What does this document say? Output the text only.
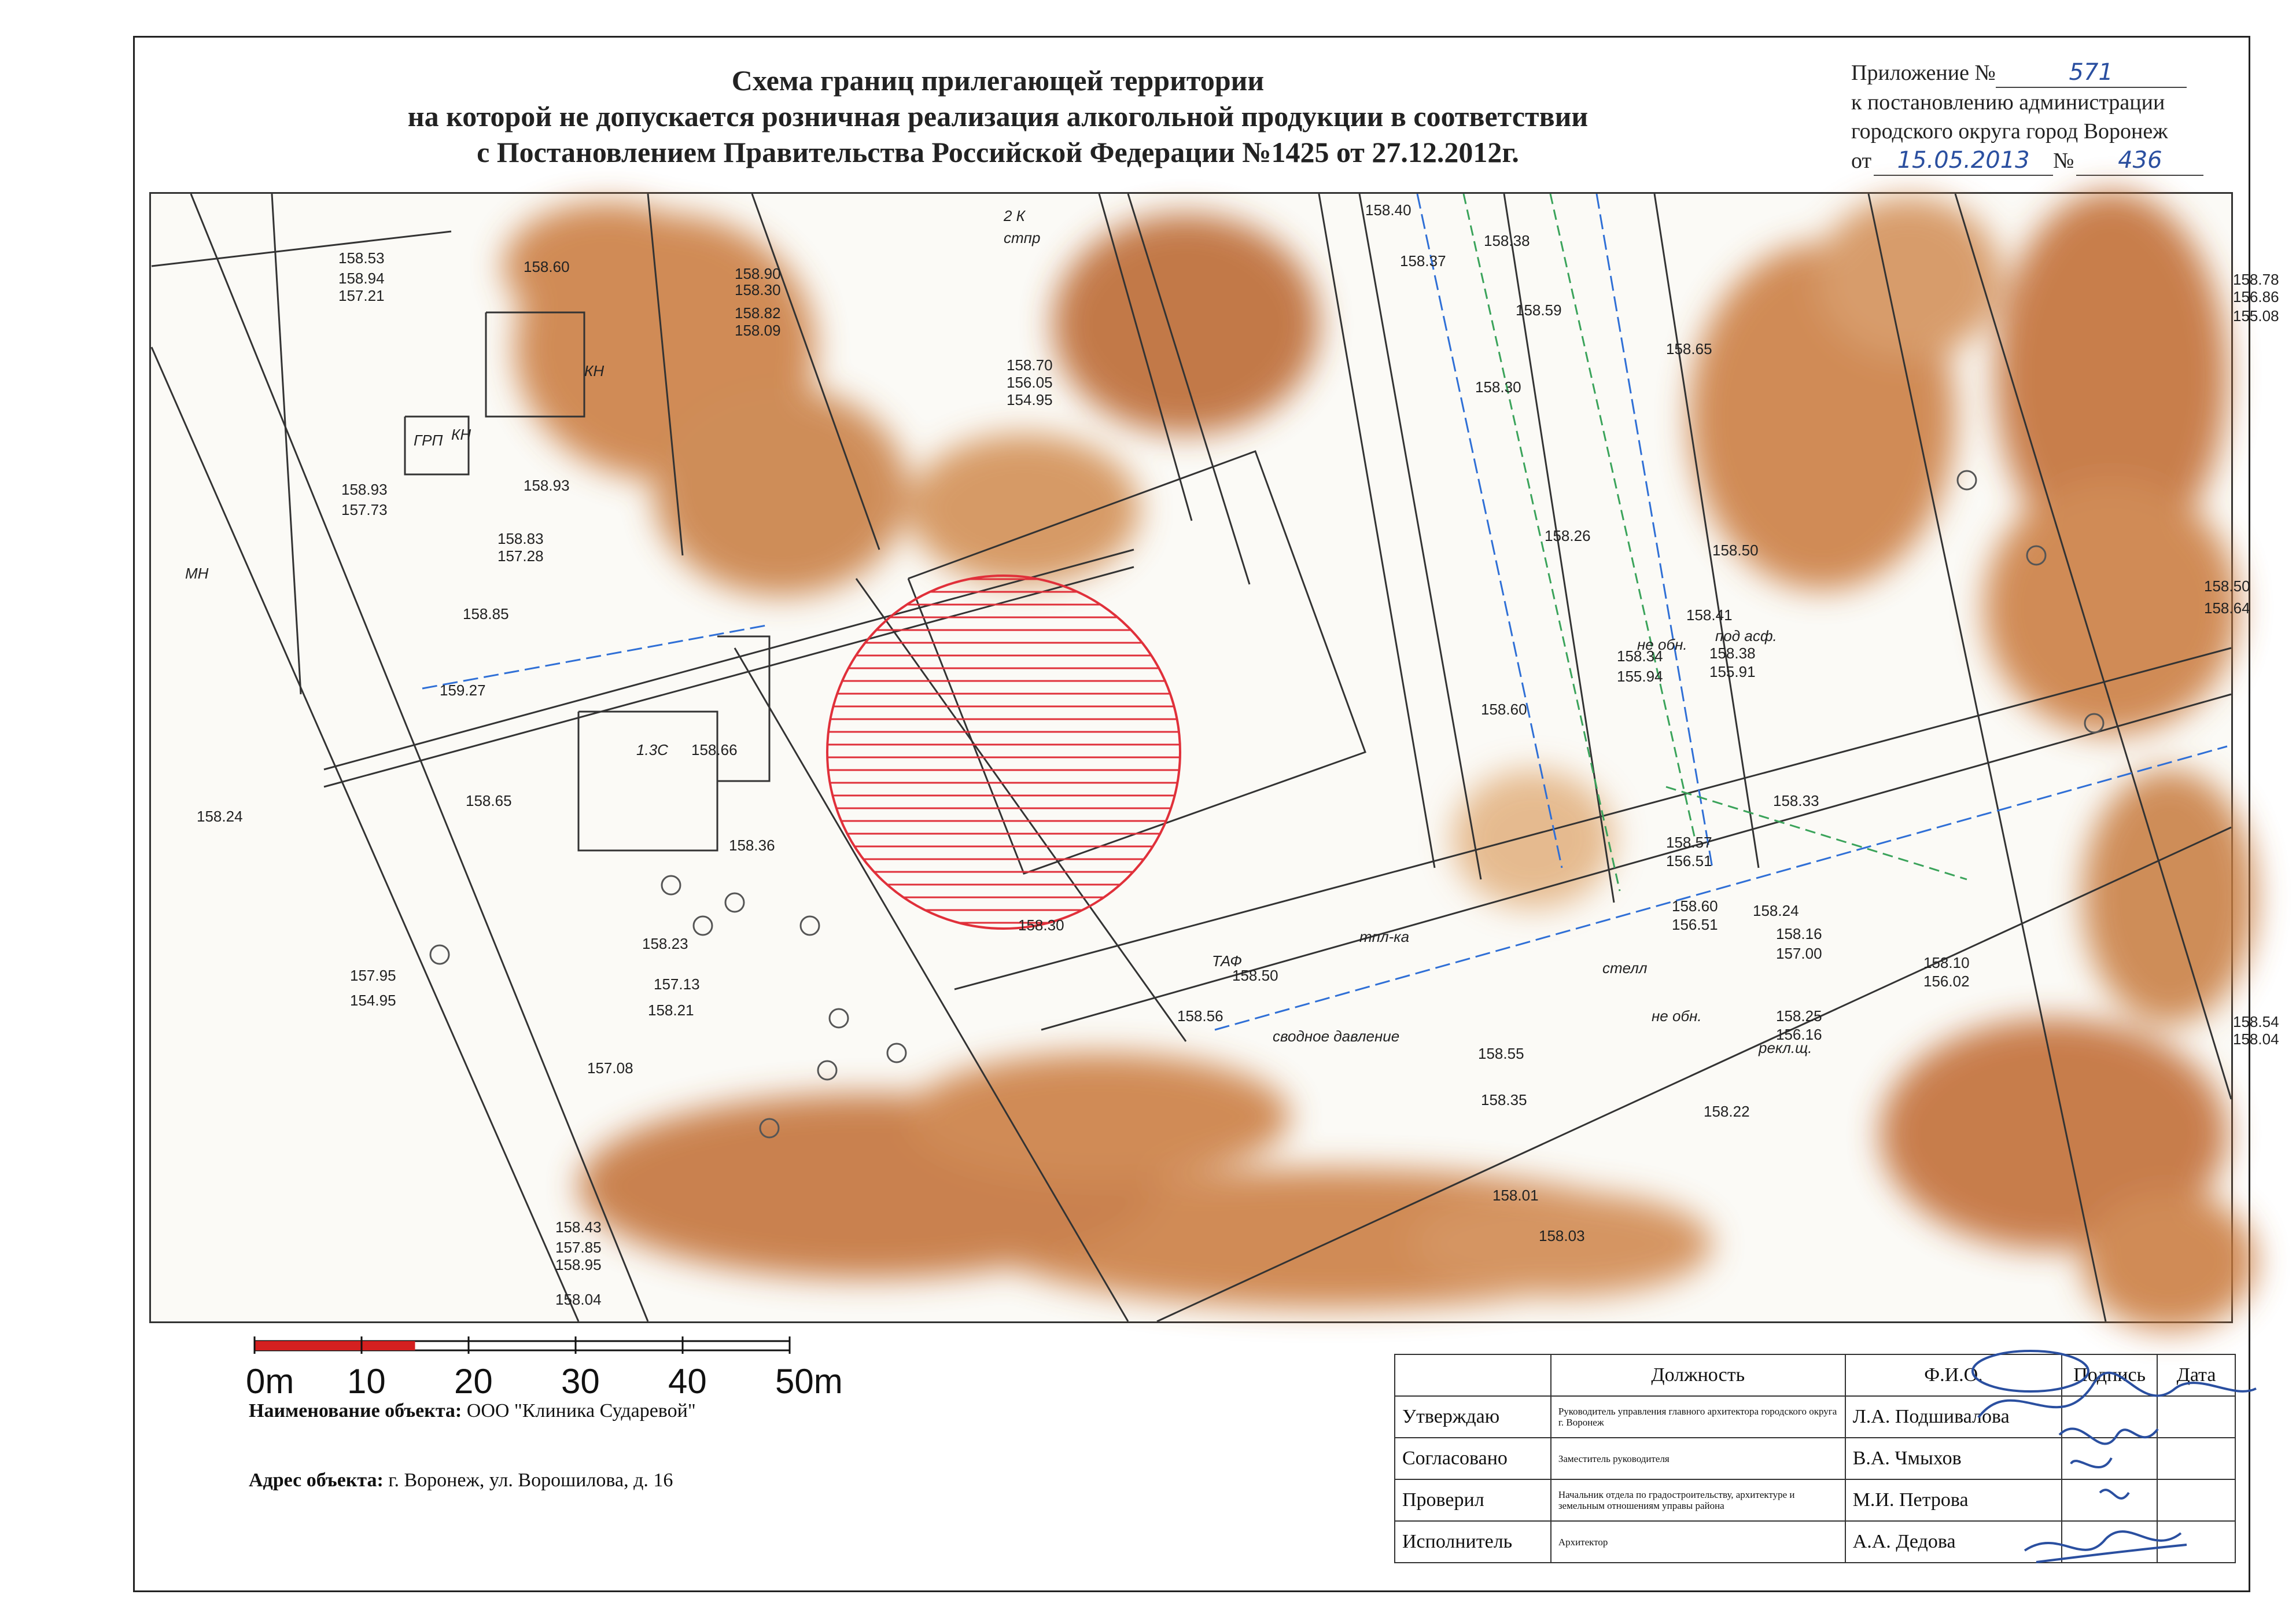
Схема границ прилегающей территории
на которой не допускается розничная реализация алкогольной продукции в соответствии
с Постановлением Правительства Российской Федерации №1425 от 27.12.2012г.
Приложение №	571
к постановлению администрации
городского округа город Воронеж
от 15.05.2013 № 436
158.53
158.94
157.21
158.60	158.90
158.30
158.82
158.09
158.40
158.37
158.38
158.59
158.30
158.65
158.26
158.50
158.41
158.34
155.94
158.38
155.91
158.33
158.57
156.51
158.60
156.51
158.24
158.16
157.00
158.10
156.02
158.25
156.16
158.22
158.24
157.95
154.95
158.93
157.73
158.83
157.28
158.93
158.85
159.27
158.65
158.66
158.36
158.23
157.13
158.21
157.08
158.43
157.85
158.95
158.04
158.70
156.05
154.95
158.30
158.56
158.50
158.55
158.35
158.01
158.03
158.60
158.78
156.86
155.08
158.50
158.64
158.54
158.04
не обн. под асф.
стелл
не обн.
рекл.щ.
тпл-ка
сводное давление
2 К
стпр
КН
КН
ГРП
ТАФ
1.3С
МН
0m 10 20 30 40 50m
Наименование объекта: ООО "Клиника Сударевой"
Адрес объекта: г. Воронеж, ул. Ворошилова, д. 16
	Должность	Ф.И.О.	Подпись	Дата
Утверждаю	Руководитель управления главного архитектора городского округа г. Воронеж	Л.А. Подшивалова		
Согласовано	Заместитель руководителя	В.А. Чмыхов		
Проверил	Начальник отдела по градостроительству, архитектуре и земельным отношениям управы района	М.И. Петрова		
Исполнитель	Архитектор	А.А. Дедова		
